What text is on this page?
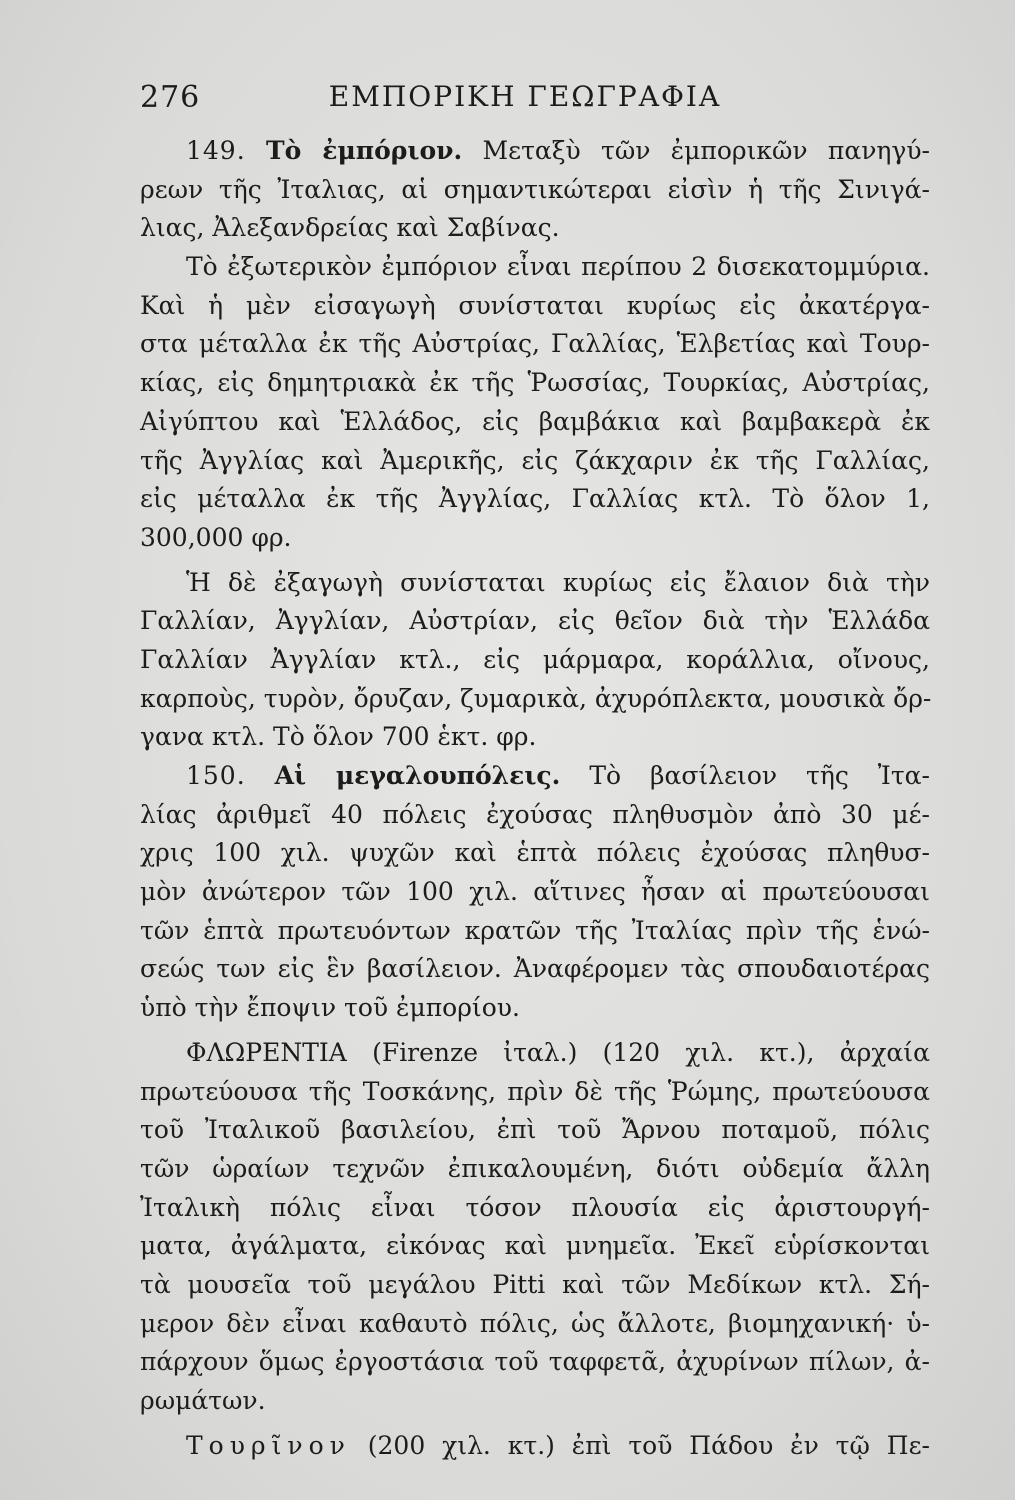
276	ΕΜΠΟΡΙΚΗ ΓΕΩΓΡΑΦΙΑ
149. Τὸ ἐμπόριον. Μεταξὺ τῶν ἐμπορικῶν πανηγύ-
ρεων τῆς Ἰταλιας, αἱ σημαντικώτεραι εἰσὶν ἡ τῆς Σινιγά-
λιας, Ἀλεξανδρείας καὶ Σαβίνας.
Τὸ ἐξωτερικὸν ἐμπόριον εἶναι περίπου 2 δισεκατομμύρια.
Καὶ ἡ μὲν εἰσαγωγὴ συνίσταται κυρίως εἰς ἀκατέργα-
στα μέταλλα ἐκ τῆς Αὐστρίας, Γαλλίας, Ἑλβετίας καὶ Τουρ-
κίας, εἰς δημητριακὰ ἐκ τῆς Ῥωσσίας, Τουρκίας, Αὐστρίας,
Αἰγύπτου καὶ Ἑλλάδος, εἰς βαμβάκια καὶ βαμβακερὰ ἐκ
τῆς Ἀγγλίας καὶ Ἀμερικῆς, εἰς ζάκχαριν ἐκ τῆς Γαλλίας,
εἰς μέταλλα ἐκ τῆς Ἀγγλίας, Γαλλίας κτλ. Τὸ ὅλον 1,
300,000 φρ.
Ἡ δὲ ἐξαγωγὴ συνίσταται κυρίως εἰς ἔλαιον διὰ τὴν
Γαλλίαν, Ἀγγλίαν, Αὐστρίαν, εἰς θεῖον διὰ τὴν Ἑλλάδα
Γαλλίαν Ἀγγλίαν κτλ., εἰς μάρμαρα, κοράλλια, οἴνους,
καρποὺς, τυρὸν, ὄρυζαν, ζυμαρικὰ, ἀχυρόπλεκτα, μουσικὰ ὄρ-
γανα κτλ. Τὸ ὅλον 700 ἑκτ. φρ.
150. Αἱ μεγαλουπόλεις. Τὸ βασίλειον τῆς Ἰτα-
λίας ἀριθμεῖ 40 πόλεις ἐχούσας πληθυσμὸν ἀπὸ 30 μέ-
χρις 100 χιλ. ψυχῶν καὶ ἑπτὰ πόλεις ἐχούσας πληθυσ-
μὸν ἀνώτερον τῶν 100 χιλ. αἵτινες ἦσαν αἱ πρωτεύουσαι
τῶν ἑπτὰ πρωτευόντων κρατῶν τῆς Ἰταλίας πρὶν τῆς ἑνώ-
σεώς των εἰς ἓν βασίλειον. Ἀναφέρομεν τὰς σπουδαιοτέρας
ὑπὸ τὴν ἔποψιν τοῦ ἐμπορίου.
ΦΛΩΡΕΝΤΙΑ (Firenze ἰταλ.) (120 χιλ. κτ.), ἀρχαία
πρωτεύουσα τῆς Τοσκάνης, πρὶν δὲ τῆς Ῥώμης, πρωτεύουσα
τοῦ Ἰταλικοῦ βασιλείου, ἐπὶ τοῦ Ἄρνου ποταμοῦ, πόλις
τῶν ὡραίων τεχνῶν ἐπικαλουμένη, διότι οὐδεμία ἄλλη
Ἰταλικὴ πόλις εἶναι τόσον πλουσία εἰς ἀριστουργή-
ματα, ἀγάλματα, εἰκόνας καὶ μνημεῖα. Ἐκεῖ εὑρίσκονται
τὰ μουσεῖα τοῦ μεγάλου Pitti καὶ τῶν Μεδίκων κτλ. Σή-
μερον δὲν εἶναι καθαυτὸ πόλις, ὡς ἄλλοτε, βιομηχανική· ὑ-
πάρχουν ὅμως ἐργοστάσια τοῦ ταφφετᾶ, ἀχυρίνων πίλων, ἀ-
ρωμάτων.
Τουρῖνον (200 χιλ. κτ.) ἐπὶ τοῦ Πάδου ἐν τῷ Πε-
